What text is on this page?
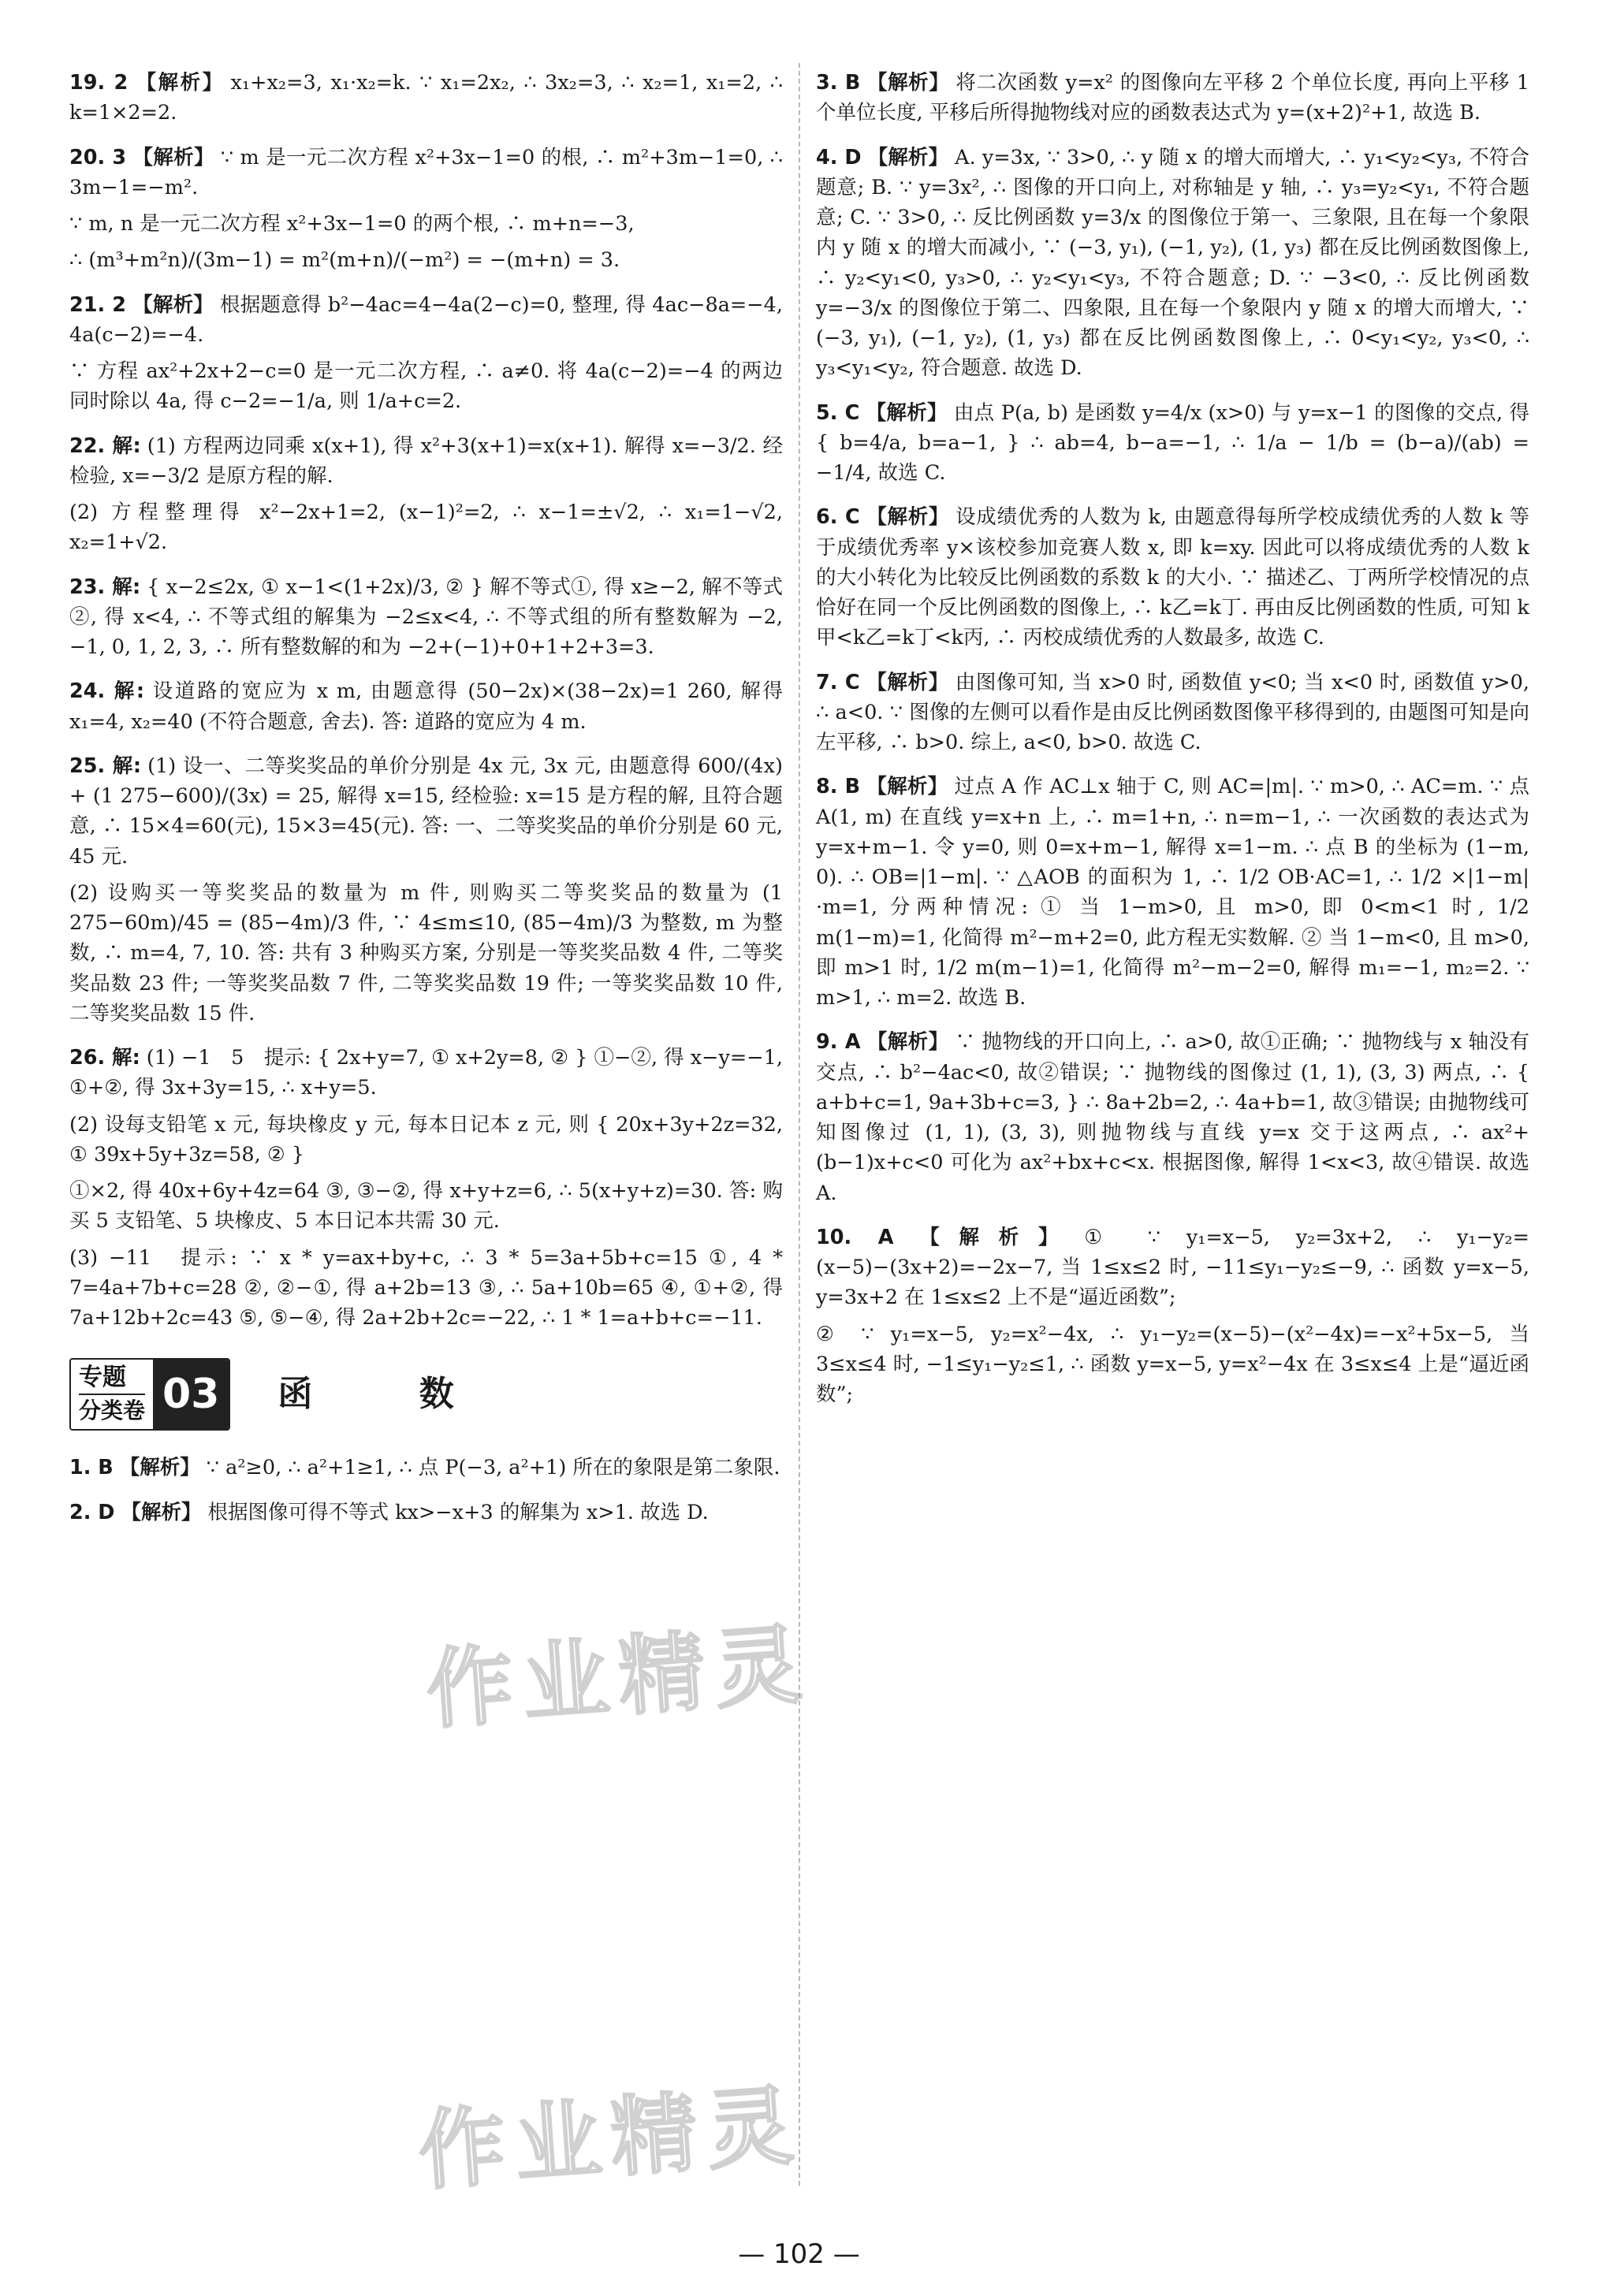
19. 2 【解析】 x₁+x₂=3, x₁·x₂=k. ∵ x₁=2x₂, ∴ 3x₂=3, ∴ x₂=1, x₁=2, ∴ k=1×2=2.

20. 3 【解析】 ∵ m 是一元二次方程 x²+3x−1=0 的根, ∴ m²+3m−1=0, ∴ 3m−1=−m².

∵ m, n 是一元二次方程 x²+3x−1=0 的两个根, ∴ m+n=−3,

∴ (m³+m²n)/(3m−1) = m²(m+n)/(−m²) = −(m+n) = 3.

21. 2 【解析】 根据题意得 b²−4ac=4−4a(2−c)=0, 整理, 得 4ac−8a=−4, 4a(c−2)=−4.

∵ 方程 ax²+2x+2−c=0 是一元二次方程, ∴ a≠0. 将 4a(c−2)=−4 的两边同时除以 4a, 得 c−2=−1/a, 则 1/a+c=2.

22. 解: (1) 方程两边同乘 x(x+1), 得 x²+3(x+1)=x(x+1). 解得 x=−3/2. 经检验, x=−3/2 是原方程的解.

(2) 方程整理得 x²−2x+1=2, (x−1)²=2, ∴ x−1=±√2, ∴ x₁=1−√2, x₂=1+√2.

23. 解: { x−2≤2x, ① x−1<(1+2x)/3, ② } 解不等式①, 得 x≥−2, 解不等式②, 得 x<4, ∴ 不等式组的解集为 −2≤x<4, ∴ 不等式组的所有整数解为 −2, −1, 0, 1, 2, 3, ∴ 所有整数解的和为 −2+(−1)+0+1+2+3=3.

24. 解: 设道路的宽应为 x m, 由题意得 (50−2x)×(38−2x)=1 260, 解得 x₁=4, x₂=40 (不符合题意, 舍去). 答: 道路的宽应为 4 m.

25. 解: (1) 设一、二等奖奖品的单价分别是 4x 元, 3x 元, 由题意得 600/(4x) + (1 275−600)/(3x) = 25, 解得 x=15, 经检验: x=15 是方程的解, 且符合题意, ∴ 15×4=60(元), 15×3=45(元). 答: 一、二等奖奖品的单价分别是 60 元, 45 元.

(2) 设购买一等奖奖品的数量为 m 件, 则购买二等奖奖品的数量为 (1 275−60m)/45 = (85−4m)/3 件, ∵ 4≤m≤10, (85−4m)/3 为整数, m 为整数, ∴ m=4, 7, 10. 答: 共有 3 种购买方案, 分别是一等奖奖品数 4 件, 二等奖奖品数 23 件; 一等奖奖品数 7 件, 二等奖奖品数 19 件; 一等奖奖品数 10 件, 二等奖奖品数 15 件.

26. 解: (1) −1　5　提示: { 2x+y=7, ① x+2y=8, ② } ①−②, 得 x−y=−1, ①+②, 得 3x+3y=15, ∴ x+y=5.

(2) 设每支铅笔 x 元, 每块橡皮 y 元, 每本日记本 z 元, 则 { 20x+3y+2z=32, ① 39x+5y+3z=58, ② }

①×2, 得 40x+6y+4z=64 ③, ③−②, 得 x+y+z=6, ∴ 5(x+y+z)=30. 答: 购买 5 支铅笔、5 块橡皮、5 本日记本共需 30 元.

(3) −11　提示: ∵ x * y=ax+by+c, ∴ 3 * 5=3a+5b+c=15 ①, 4 * 7=4a+7b+c=28 ②, ②−①, 得 a+2b=13 ③, ∴ 5a+10b=65 ④, ①+②, 得 7a+12b+2c=43 ⑤, ⑤−④, 得 2a+2b+2c=−22, ∴ 1 * 1=a+b+c=−11.

专题
分类卷 03 函 数

1. B 【解析】 ∵ a²≥0, ∴ a²+1≥1, ∴ 点 P(−3, a²+1) 所在的象限是第二象限.

2. D 【解析】 根据图像可得不等式 kx>−x+3 的解集为 x>1. 故选 D.

3. B 【解析】 将二次函数 y=x² 的图像向左平移 2 个单位长度, 再向上平移 1 个单位长度, 平移后所得抛物线对应的函数表达式为 y=(x+2)²+1, 故选 B.

4. D 【解析】 A. y=3x, ∵ 3>0, ∴ y 随 x 的增大而增大, ∴ y₁<y₂<y₃, 不符合题意; B. ∵ y=3x², ∴ 图像的开口向上, 对称轴是 y 轴, ∴ y₃=y₂<y₁, 不符合题意; C. ∵ 3>0, ∴ 反比例函数 y=3/x 的图像位于第一、三象限, 且在每一个象限内 y 随 x 的增大而减小, ∵ (−3, y₁), (−1, y₂), (1, y₃) 都在反比例函数图像上, ∴ y₂<y₁<0, y₃>0, ∴ y₂<y₁<y₃, 不符合题意; D. ∵ −3<0, ∴ 反比例函数 y=−3/x 的图像位于第二、四象限, 且在每一个象限内 y 随 x 的增大而增大, ∵ (−3, y₁), (−1, y₂), (1, y₃) 都在反比例函数图像上, ∴ 0<y₁<y₂, y₃<0, ∴ y₃<y₁<y₂, 符合题意. 故选 D.

5. C 【解析】 由点 P(a, b) 是函数 y=4/x (x>0) 与 y=x−1 的图像的交点, 得 { b=4/a, b=a−1, } ∴ ab=4, b−a=−1, ∴ 1/a − 1/b = (b−a)/(ab) = −1/4, 故选 C.

6. C 【解析】 设成绩优秀的人数为 k, 由题意得每所学校成绩优秀的人数 k 等于成绩优秀率 y×该校参加竞赛人数 x, 即 k=xy. 因此可以将成绩优秀的人数 k 的大小转化为比较反比例函数的系数 k 的大小. ∵ 描述乙、丁两所学校情况的点恰好在同一个反比例函数的图像上, ∴ k乙=k丁. 再由反比例函数的性质, 可知 k甲<k乙=k丁<k丙, ∴ 丙校成绩优秀的人数最多, 故选 C.

7. C 【解析】 由图像可知, 当 x>0 时, 函数值 y<0; 当 x<0 时, 函数值 y>0, ∴ a<0. ∵ 图像的左侧可以看作是由反比例函数图像平移得到的, 由题图可知是向左平移, ∴ b>0. 综上, a<0, b>0. 故选 C.

8. B 【解析】 过点 A 作 AC⊥x 轴于 C, 则 AC=|m|. ∵ m>0, ∴ AC=m. ∵ 点 A(1, m) 在直线 y=x+n 上, ∴ m=1+n, ∴ n=m−1, ∴ 一次函数的表达式为 y=x+m−1. 令 y=0, 则 0=x+m−1, 解得 x=1−m. ∴ 点 B 的坐标为 (1−m, 0). ∴ OB=|1−m|. ∵ △AOB 的面积为 1, ∴ 1/2 OB·AC=1, ∴ 1/2 ×|1−m|·m=1, 分两种情况: ① 当 1−m>0, 且 m>0, 即 0<m<1 时, 1/2 m(1−m)=1, 化简得 m²−m+2=0, 此方程无实数解. ② 当 1−m<0, 且 m>0, 即 m>1 时, 1/2 m(m−1)=1, 化简得 m²−m−2=0, 解得 m₁=−1, m₂=2. ∵ m>1, ∴ m=2. 故选 B.

9. A 【解析】 ∵ 抛物线的开口向上, ∴ a>0, 故①正确; ∵ 抛物线与 x 轴没有交点, ∴ b²−4ac<0, 故②错误; ∵ 抛物线的图像过 (1, 1), (3, 3) 两点, ∴ { a+b+c=1, 9a+3b+c=3, } ∴ 8a+2b=2, ∴ 4a+b=1, 故③错误; 由抛物线可知图像过 (1, 1), (3, 3), 则抛物线与直线 y=x 交于这两点, ∴ ax²+(b−1)x+c<0 可化为 ax²+bx+c<x. 根据图像, 解得 1<x<3, 故④错误. 故选 A.

10. A 【解析】 ① ∵ y₁=x−5, y₂=3x+2, ∴ y₁−y₂=(x−5)−(3x+2)=−2x−7, 当 1≤x≤2 时, −11≤y₁−y₂≤−9, ∴ 函数 y=x−5, y=3x+2 在 1≤x≤2 上不是“逼近函数”;

② ∵ y₁=x−5, y₂=x²−4x, ∴ y₁−y₂=(x−5)−(x²−4x)=−x²+5x−5, 当 3≤x≤4 时, −1≤y₁−y₂≤1, ∴ 函数 y=x−5, y=x²−4x 在 3≤x≤4 上是“逼近函数”;

作业精灵
作业精灵
— 102 —
